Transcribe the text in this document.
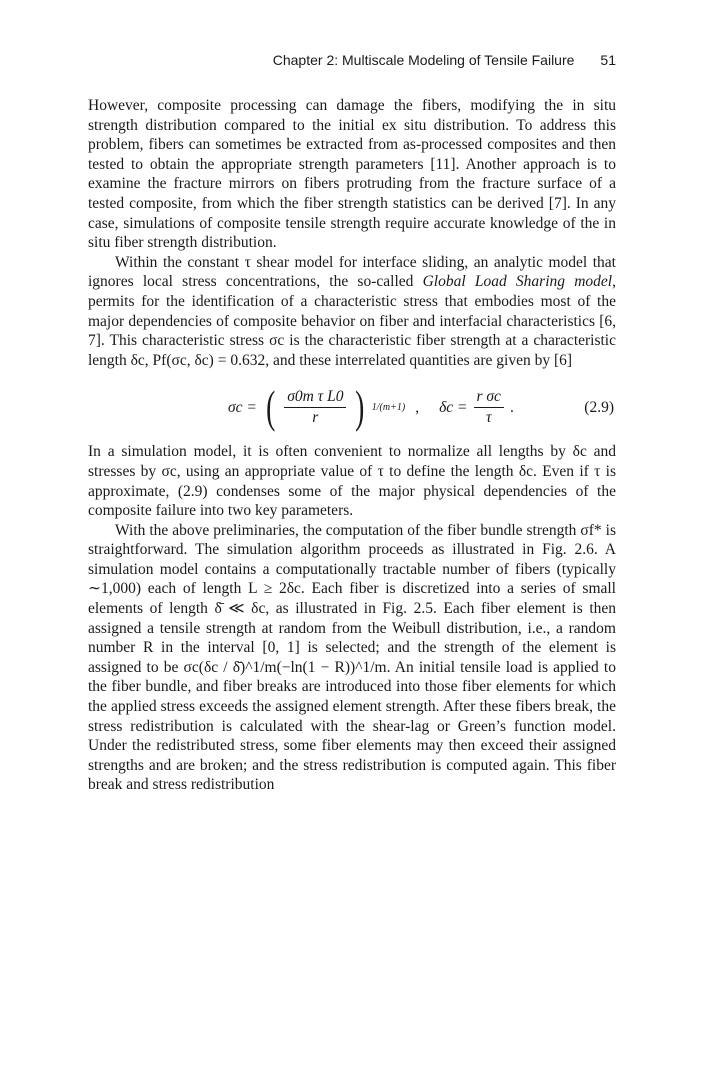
Chapter 2: Multiscale Modeling of Tensile Failure 51

However, composite processing can damage the fibers, modifying the in situ strength distribution compared to the initial ex situ distribution. To address this problem, fibers can sometimes be extracted from as-processed composites and then tested to obtain the appropriate strength parameters [11]. Another approach is to examine the fracture mirrors on fibers protruding from the fracture surface of a tested composite, from which the fiber strength statistics can be derived [7]. In any case, simulations of composite tensile strength require accurate knowledge of the in situ fiber strength distribution.

Within the constant τ shear model for interface sliding, an analytic model that ignores local stress concentrations, the so-called Global Load Sharing model, permits for the identification of a characteristic stress that embodies most of the major dependencies of composite behavior on fiber and interfacial characteristics [6, 7]. This characteristic stress σc is the characteristic fiber strength at a characteristic length δc, Pf(σc, δc) = 0.632, and these interrelated quantities are given by [6]

σc = ( $\frac{\text{σ0m τ L0}}{r}$ ) 1/(m+1) , $\delta c = \frac{\text{r σc}}{\tau}$ .	(2.9)

In a simulation model, it is often convenient to normalize all lengths by δc and stresses by σc, using an appropriate value of τ to define the length δc. Even if τ is approximate, (2.9) condenses some of the major physical dependencies of the composite failure into two key parameters.

With the above preliminaries, the computation of the fiber bundle strength σf* is straightforward. The simulation algorithm proceeds as illustrated in Fig. 2.6. A simulation model contains a computationally tractable number of fibers (typically ∼1,000) each of length L ≥ 2δc. Each fiber is discretized into a series of small elements of length δ̄ ≪ δc, as illustrated in Fig. 2.5. Each fiber element is then assigned a tensile strength at random from the Weibull distribution, i.e., a random number R in the interval [0, 1] is selected; and the strength of the element is assigned to be σc(δc / δ̄)^1/m(−ln(1 − R))^1/m. An initial tensile load is applied to the fiber bundle, and fiber breaks are introduced into those fiber elements for which the applied stress exceeds the assigned element strength. After these fibers break, the stress redistribution is calculated with the shear-lag or Green’s function model. Under the redistributed stress, some fiber elements may then exceed their assigned strengths and are broken; and the stress redistribution is computed again. This fiber break and stress redistribution
